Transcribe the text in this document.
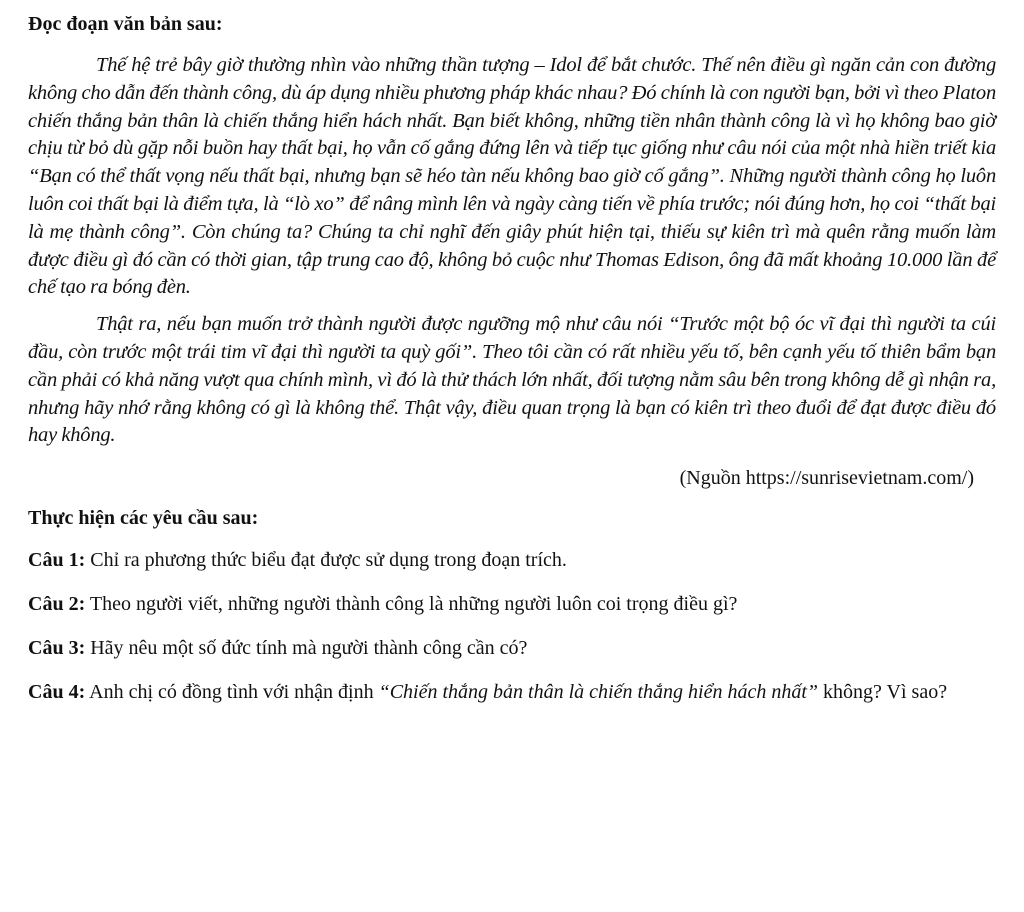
Đọc đoạn văn bản sau:

Thế hệ trẻ bây giờ thường nhìn vào những thần tượng – Idol để bắt chước. Thế nên điều gì ngăn cản con đường không cho dẫn đến thành công, dù áp dụng nhiều phương pháp khác nhau? Đó chính là con người bạn, bởi vì theo Platon chiến thắng bản thân là chiến thắng hiển hách nhất. Bạn biết không, những tiền nhân thành công là vì họ không bao giờ chịu từ bỏ dù gặp nỗi buồn hay thất bại, họ vẫn cố gắng đứng lên và tiếp tục giống như câu nói của một nhà hiền triết kia “Bạn có thể thất vọng nếu thất bại, nhưng bạn sẽ héo tàn nếu không bao giờ cố gắng”. Những người thành công họ luôn luôn coi thất bại là điểm tựa, là “lò xo” để nâng mình lên và ngày càng tiến về phía trước; nói đúng hơn, họ coi “thất bại là mẹ thành công”. Còn chúng ta? Chúng ta chỉ nghĩ đến giây phút hiện tại, thiếu sự kiên trì mà quên rằng muốn làm được điều gì đó cần có thời gian, tập trung cao độ, không bỏ cuộc như Thomas Edison, ông đã mất khoảng 10.000 lần để chế tạo ra bóng đèn.

Thật ra, nếu bạn muốn trở thành người được ngưỡng mộ như câu nói “Trước một bộ óc vĩ đại thì người ta cúi đầu, còn trước một trái tim vĩ đại thì người ta quỳ gối”. Theo tôi cần có rất nhiều yếu tố, bên cạnh yếu tố thiên bẩm bạn cần phải có khả năng vượt qua chính mình, vì đó là thử thách lớn nhất, đối tượng nằm sâu bên trong không dễ gì nhận ra, nhưng hãy nhớ rằng không có gì là không thể. Thật vậy, điều quan trọng là bạn có kiên trì theo đuổi để đạt được điều đó hay không.

(Nguồn https://sunrisevietnam.com/)
Thực hiện các yêu cầu sau:
Câu 1: Chỉ ra phương thức biểu đạt được sử dụng trong đoạn trích.
Câu 2: Theo người viết, những người thành công là những người luôn coi trọng điều gì?
Câu 3: Hãy nêu một số đức tính mà người thành công cần có?
Câu 4: Anh chị có đồng tình với nhận định “Chiến thắng bản thân là chiến thắng hiển hách nhất” không? Vì sao?
